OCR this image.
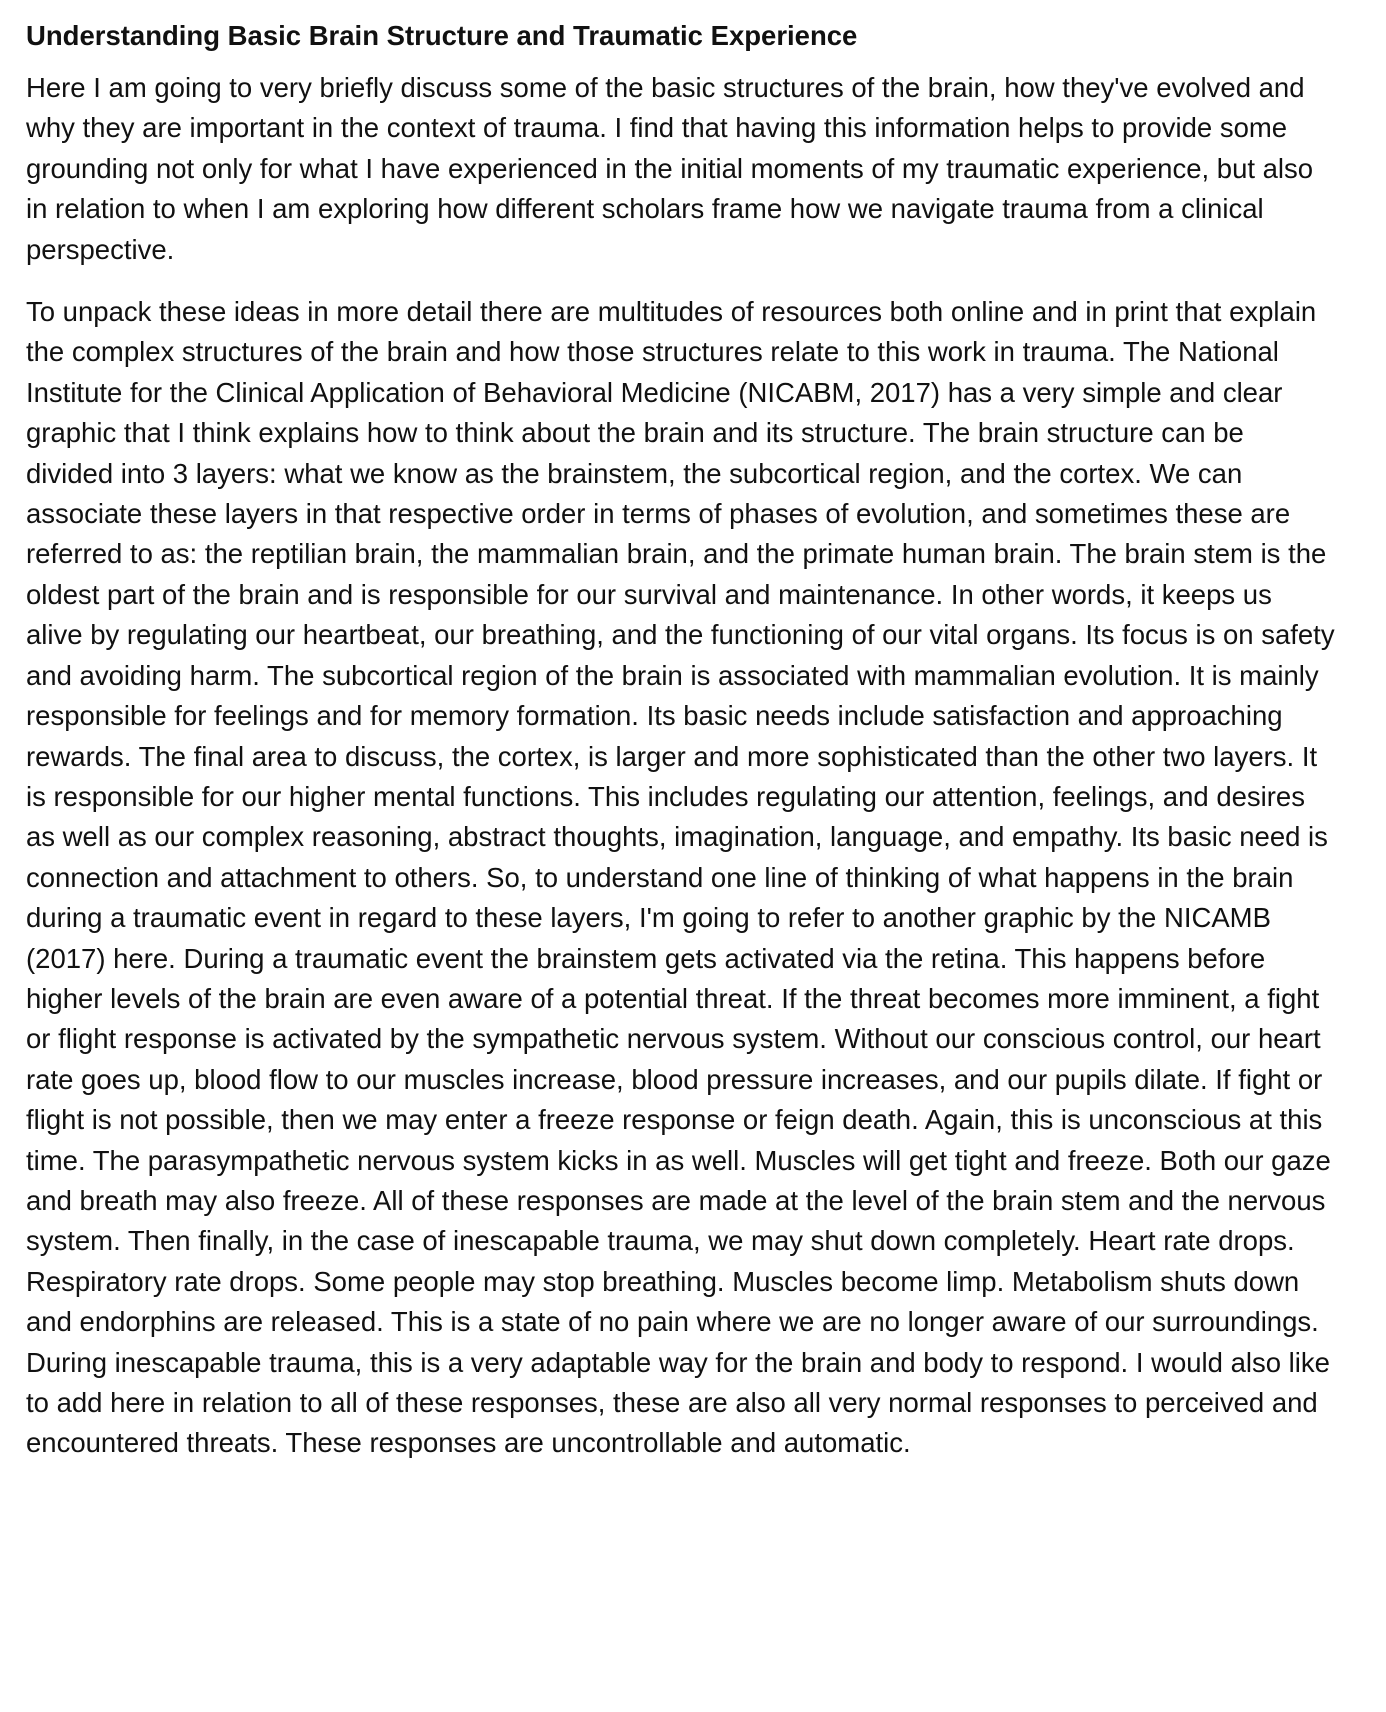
Understanding Basic Brain Structure and Traumatic Experience

Here I am going to very briefly discuss some of the basic structures of the brain, how they've evolved and why they are important in the context of trauma. I find that having this information helps to provide some grounding not only for what I have experienced in the initial moments of my traumatic experience, but also in relation to when I am exploring how different scholars frame how we navigate trauma from a clinical perspective.

To unpack these ideas in more detail there are multitudes of resources both online and in print that explain the complex structures of the brain and how those structures relate to this work in trauma. The National Institute for the Clinical Application of Behavioral Medicine (NICABM, 2017) has a very simple and clear graphic that I think explains how to think about the brain and its structure. The brain structure can be divided into 3 layers: what we know as the brainstem, the subcortical region, and the cortex. We can associate these layers in that respective order in terms of phases of evolution, and sometimes these are referred to as: the reptilian brain, the mammalian brain, and the primate human brain. The brain stem is the oldest part of the brain and is responsible for our survival and maintenance. In other words, it keeps us alive by regulating our heartbeat, our breathing, and the functioning of our vital organs. Its focus is on safety and avoiding harm. The subcortical region of the brain is associated with mammalian evolution. It is mainly responsible for feelings and for memory formation. Its basic needs include satisfaction and approaching rewards. The final area to discuss, the cortex, is larger and more sophisticated than the other two layers. It is responsible for our higher mental functions. This includes regulating our attention, feelings, and desires as well as our complex reasoning, abstract thoughts, imagination, language, and empathy. Its basic need is connection and attachment to others. So, to understand one line of thinking of what happens in the brain during a traumatic event in regard to these layers, I'm going to refer to another graphic by the NICAMB (2017) here. During a traumatic event the brainstem gets activated via the retina. This happens before higher levels of the brain are even aware of a potential threat. If the threat becomes more imminent, a fight or flight response is activated by the sympathetic nervous system. Without our conscious control, our heart rate goes up, blood flow to our muscles increase, blood pressure increases, and our pupils dilate. If fight or flight is not possible, then we may enter a freeze response or feign death. Again, this is unconscious at this time. The parasympathetic nervous system kicks in as well. Muscles will get tight and freeze. Both our gaze and breath may also freeze. All of these responses are made at the level of the brain stem and the nervous system. Then finally, in the case of inescapable trauma, we may shut down completely. Heart rate drops. Respiratory rate drops. Some people may stop breathing. Muscles become limp. Metabolism shuts down and endorphins are released. This is a state of no pain where we are no longer aware of our surroundings. During inescapable trauma, this is a very adaptable way for the brain and body to respond. I would also like to add here in relation to all of these responses, these are also all very normal responses to perceived and encountered threats. These responses are uncontrollable and automatic.
